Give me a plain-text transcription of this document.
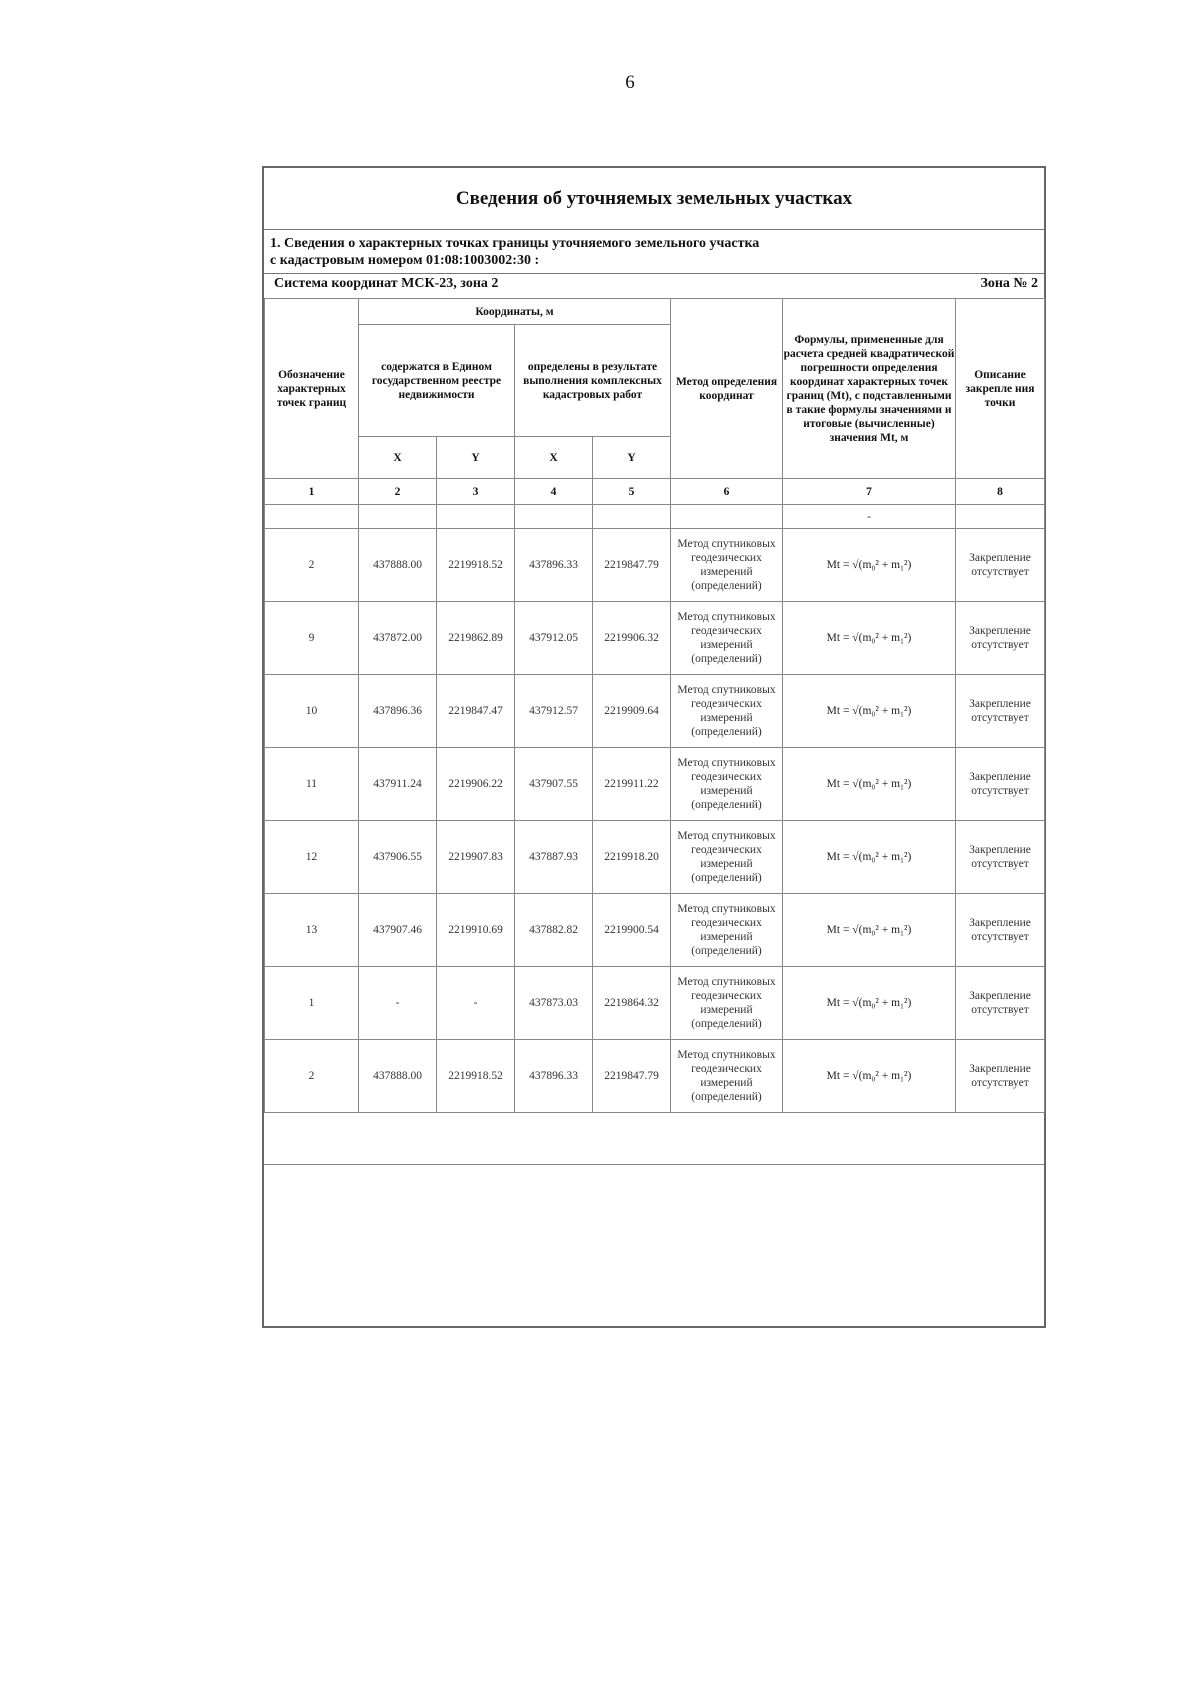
6
Сведения об уточняемых земельных участках
1. Сведения о характерных точках границы уточняемого земельного участка
с кадастровым номером 01:08:1003002:30 :
Система координат МСК-23, зона 2	Зона № 2
Обозначение характерных точек границ	Координаты, м				Метод определения координат	Формулы, примененные для расчета средней квадратической погрешности определения координат характерных точек границ (Mt), с подставленными в такие формулы значениями и итоговые (вычисленные) значения Mt, м	Описание закрепле ния точки
	содержатся в Едином государственном реестре недвижимости		определены в результате выполнения комплексных кадастровых работ				
	X	Y	X	Y			
1	2	3	4	5	6	7	8
						-	
2	437888.00	2219918.52	437896.33	2219847.79	Метод спутниковых геодезических измерений (определений)	Mt = √(m₀² + m₁²)	Закрепление отсутствует
9	437872.00	2219862.89	437912.05	2219906.32	Метод спутниковых геодезических измерений (определений)	Mt = √(m₀² + m₁²)	Закрепление отсутствует
10	437896.36	2219847.47	437912.57	2219909.64	Метод спутниковых геодезических измерений (определений)	Mt = √(m₀² + m₁²)	Закрепление отсутствует
11	437911.24	2219906.22	437907.55	2219911.22	Метод спутниковых геодезических измерений (определений)	Mt = √(m₀² + m₁²)	Закрепление отсутствует
12	437906.55	2219907.83	437887.93	2219918.20	Метод спутниковых геодезических измерений (определений)	Mt = √(m₀² + m₁²)	Закрепление отсутствует
13	437907.46	2219910.69	437882.82	2219900.54	Метод спутниковых геодезических измерений (определений)	Mt = √(m₀² + m₁²)	Закрепление отсутствует
1	-	-	437873.03	2219864.32	Метод спутниковых геодезических измерений (определений)	Mt = √(m₀² + m₁²)	Закрепление отсутствует
2	437888.00	2219918.52	437896.33	2219847.79	Метод спутниковых геодезических измерений (определений)	Mt = √(m₀² + m₁²)	Закрепление отсутствует
